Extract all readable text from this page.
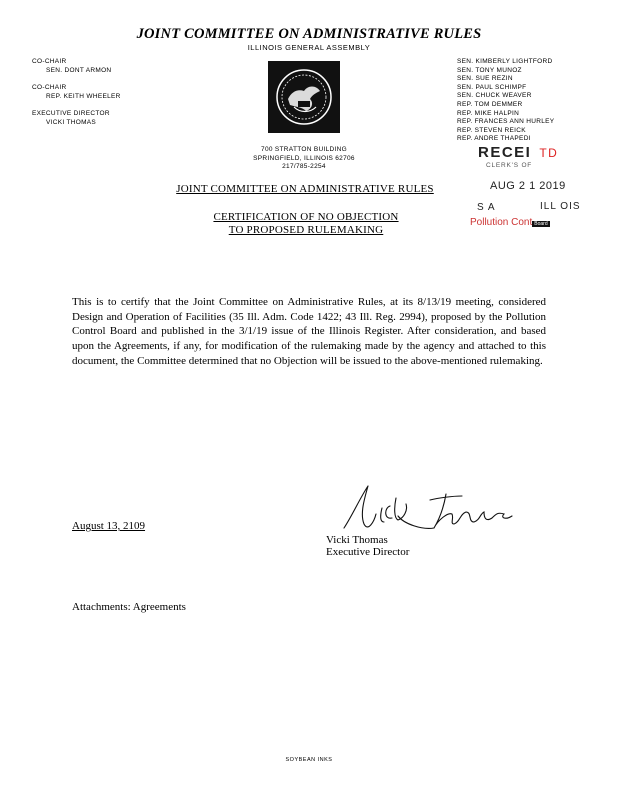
JOINT COMMITTEE ON ADMINISTRATIVE RULES
ILLINOIS GENERAL ASSEMBLY
CO-CHAIR
SEN. DONT ARMON
CO-CHAIR
REP. KEITH WHEELER
EXECUTIVE DIRECTOR
VICKI THOMAS
700 STRATTON BUILDING
SPRINGFIELD, ILLINOIS 62706
217/785-2254
SEN. KIMBERLY LIGHTFORD
SEN. TONY MUNOZ
SEN. SUE REZIN
SEN. PAUL SCHIMPF
SEN. CHUCK WEAVER
REP. TOM DEMMER
REP. MIKE HALPIN
REP. FRANCES ANN HURLEY
REP. STEVEN REICK
REP. ANDRE THAPEDI
RECEI TD
CLERK'S OF
AUG 2 1 2019
S A	ILL OIS
Pollution Cont Board
JOINT COMMITTEE ON ADMINISTRATIVE RULES
CERTIFICATION OF NO OBJECTION
TO PROPOSED RULEMAKING
This is to certify that the Joint Committee on Administrative Rules, at its 8/13/19 meeting, considered Design and Operation of Facilities (35 Ill. Adm. Code 1422; 43 Ill. Reg. 2994), proposed by the Pollution Control Board and published in the 3/1/19 issue of the Illinois Register. After consideration, and based upon the Agreements, if any, for modification of the rulemaking made by the agency and attached to this document, the Committee determined that no Objection will be issued to the above-mentioned rulemaking.
August 13, 2109
Vicki Thomas
Executive Director
Attachments: Agreements
SOYBEAN INKS
